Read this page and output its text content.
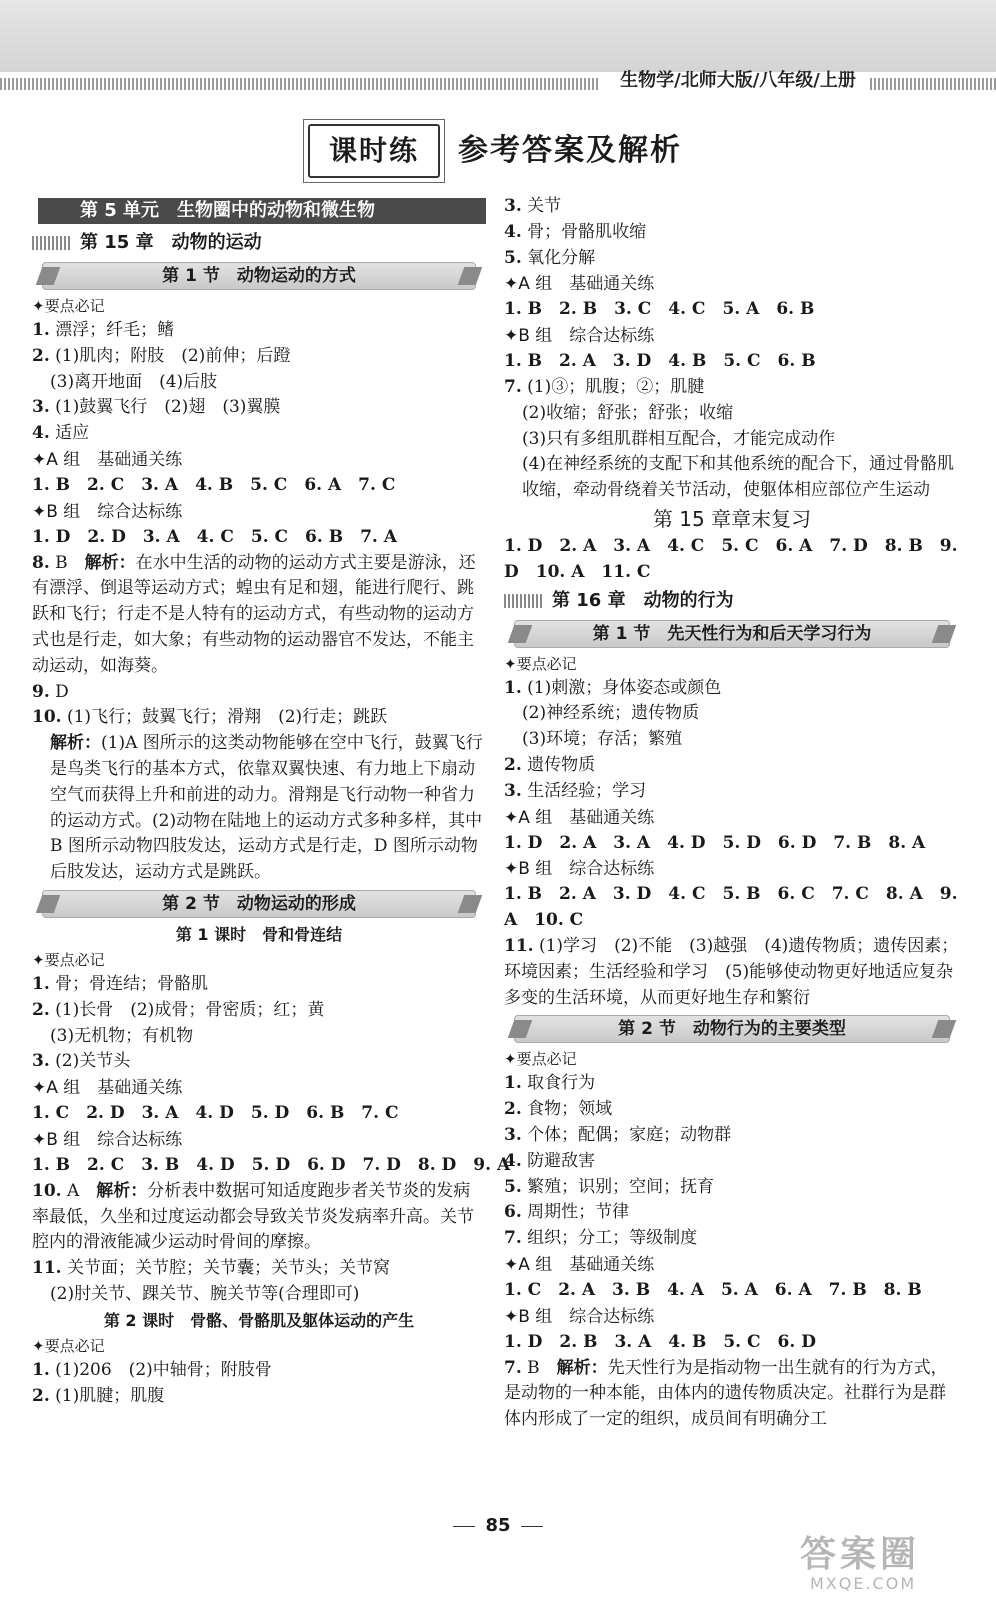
生物学/北师大版/八年级/上册
课时练	参考答案及解析
第 5 单元　生物圈中的动物和微生物
第 15 章　动物的运动
第 1 节　动物运动的方式
✦要点必记
1. 漂浮；纤毛；鳍
2. (1)肌肉；附肢　(2)前伸；后蹬
(3)离开地面　(4)后肢
3. (1)鼓翼飞行　(2)翅　(3)翼膜
4. 适应
✦A 组　基础通关练
1. B　2. C　3. A　4. B　5. C　6. A　7. C
✦B 组　综合达标练
1. D　2. D　3. A　4. C　5. C　6. B　7. A
8. B　 解析：在水中生活的动物的运动方式主要是游泳，还有漂浮、倒退等运动方式；蝗虫有足和翅，能进行爬行、跳跃和飞行；行走不是人特有的运动方式，有些动物的运动方式也是行走，如大象；有些动物的运动器官不发达，不能主动运动，如海葵。
9. D
10. (1)飞行；鼓翼飞行；滑翔　(2)行走；跳跃
解析：(1)A 图所示的这类动物能够在空中飞行，鼓翼飞行是鸟类飞行的基本方式，依靠双翼快速、有力地上下扇动空气而获得上升和前进的动力。滑翔是飞行动物一种省力的运动方式。(2)动物在陆地上的运动方式多种多样，其中 B 图所示动物四肢发达，运动方式是行走，D 图所示动物后肢发达，运动方式是跳跃。
第 2 节　动物运动的形成
第 1 课时　骨和骨连结
✦要点必记
1. 骨；骨连结；骨骼肌
2. (1)长骨　(2)成骨；骨密质；红；黄
(3)无机物；有机物
3. (2)关节头
✦A 组　基础通关练
1. C　2. D　3. A　4. D　5. D　6. B　7. C
✦B 组　综合达标练
1. B　2. C　3. B　4. D　5. D　6. D　7. D　8. D　9. A
10. A　 解析：分析表中数据可知适度跑步者关节炎的发病率最低，久坐和过度运动都会导致关节炎发病率升高。关节腔内的滑液能减少运动时骨间的摩擦。
11. 关节面；关节腔；关节囊；关节头；关节窝
(2)肘关节、踝关节、腕关节等(合理即可)
第 2 课时　骨骼、骨骼肌及躯体运动的产生
✦要点必记
1. (1)206　(2)中轴骨；附肢骨
2. (1)肌腱；肌腹
3. 关节
4. 骨；骨骼肌收缩
5. 氧化分解
✦A 组　基础通关练
1. B　2. B　3. C　4. C　5. A　6. B
✦B 组　综合达标练
1. B　2. A　3. D　4. B　5. C　6. B
7. (1)③；肌腹；②；肌腱
(2)收缩；舒张；舒张；收缩
(3)只有多组肌群相互配合，才能完成动作
(4)在神经系统的支配下和其他系统的配合下，通过骨骼肌收缩，牵动骨绕着关节活动，使躯体相应部位产生运动
第 15 章章末复习
1. D　2. A　3. A　4. C　5. C　6. A　7. D　8. B　9. D　10. A　11. C
第 16 章　动物的行为
第 1 节　先天性行为和后天学习行为
✦要点必记
1. (1)刺激；身体姿态或颜色
(2)神经系统；遗传物质
(3)环境；存活；繁殖
2. 遗传物质
3. 生活经验；学习
✦A 组　基础通关练
1. D　2. A　3. A　4. D　5. D　6. D　7. B　8. A
✦B 组　综合达标练
1. B　2. A　3. D　4. C　5. B　6. C　7. C　8. A　9. A　10. C
11. (1)学习　(2)不能　(3)越强　(4)遗传物质；遗传因素；环境因素；生活经验和学习　(5)能够使动物更好地适应复杂多变的生活环境，从而更好地生存和繁衍
第 2 节　动物行为的主要类型
✦要点必记
1. 取食行为
2. 食物；领域
3. 个体；配偶；家庭；动物群
4. 防避敌害
5. 繁殖；识别；空间；抚育
6. 周期性；节律
7. 组织；分工；等级制度
✦A 组　基础通关练
1. C　2. A　3. B　4. A　5. A　6. A　7. B　8. B
✦B 组　综合达标练
1. D　2. B　3. A　4. B　5. C　6. D
7. B　 解析：先天性行为是指动物一出生就有的行为方式，是动物的一种本能，由体内的遗传物质决定。社群行为是群体内形成了一定的组织，成员间有明确分工
85
答案圈
MXQE.COM
